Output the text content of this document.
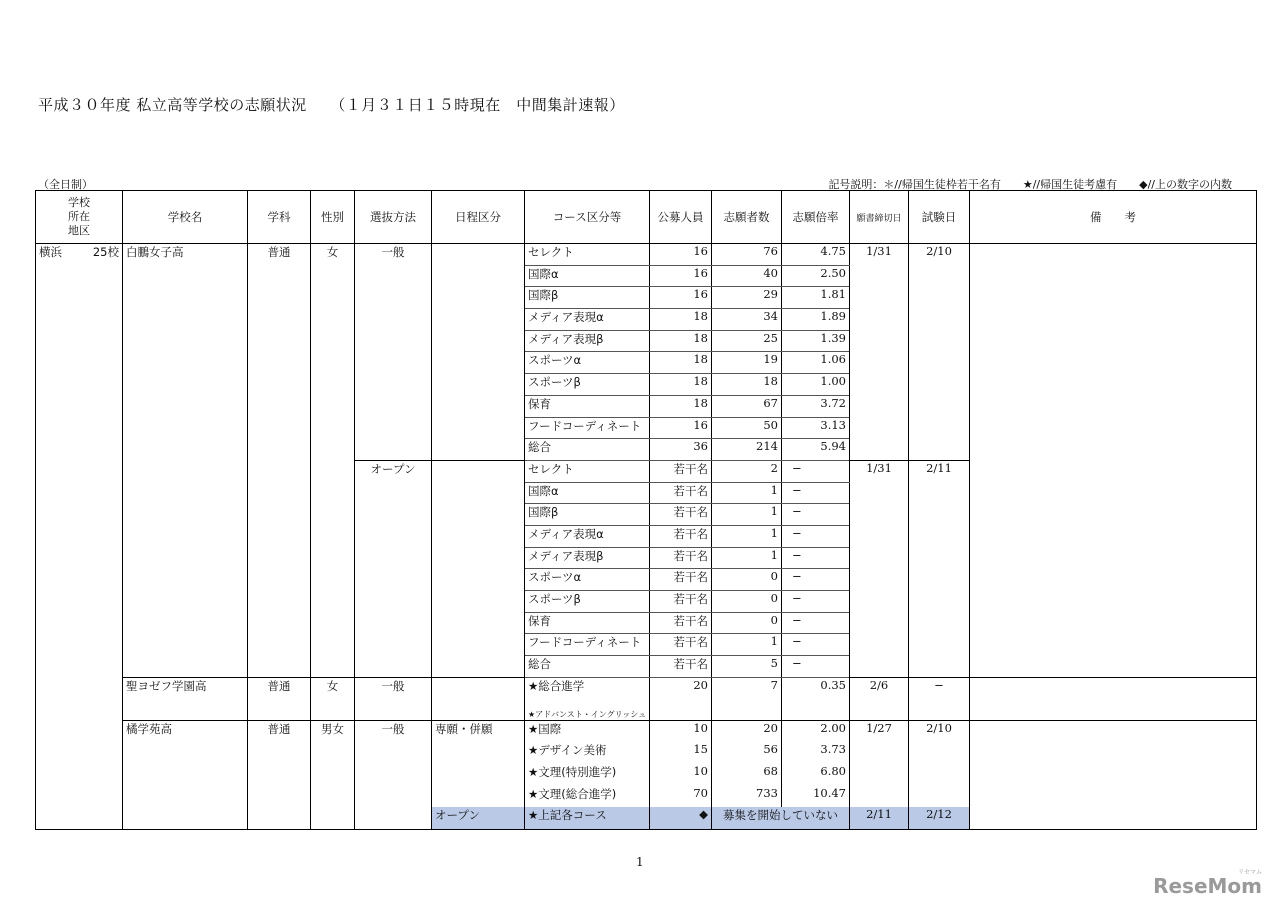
平成３０年度 私立高等学校の志願状況　　（１月３１日１５時現在　中間集計速報）
（全日制）	記号説明：＊//帰国生徒枠若干名有　　★//帰国生徒考慮有　　◆//上の数字の内数
学校
所在
地区	学校名	学科	性別	選抜方法	日程区分	コース区分等	公募人員	志願者数	志願倍率	願書締切日	試験日	備　　考
横浜 25校	白鵬女子高	普通	女	一般		セレクト	16	76	4.75	1/31	2/10	
						国際α	16	40	2.50			
						国際β	16	29	1.81			
						メディア表現α	18	34	1.89			
						メディア表現β	18	25	1.39			
						スポーツα	18	19	1.06			
						スポーツβ	18	18	1.00			
						保育	18	67	3.72			
						フードコーディネート	16	50	3.13			
						総合	36	214	5.94			
				オープン		セレクト	若干名	2	−	1/31	2/11	
						国際α	若干名	1	−			
						国際β	若干名	1	−			
						メディア表現α	若干名	1	−			
						メディア表現β	若干名	1	−			
						スポーツα	若干名	0	−			
						スポーツβ	若干名	0	−			
						保育	若干名	0	−			
						フードコーディネート	若干名	1	−			
						総合	若干名	5	−			
	聖ヨゼフ学園高	普通	女	一般		★総合進学	20	7	0.35	2/6	−	
						★アドバンスト・イングリッシュ						
	橘学苑高	普通	男女	一般	専願・併願	★国際	10	20	2.00	1/27	2/10	
						★デザイン美術	15	56	3.73			
						★文理(特別進学)	10	68	6.80			
						★文理(総合進学)	70	733	10.47			
					オープン	★上記各コース	◆	募集を開始していない		2/11	2/12	
1
リセマム
ReseMom
